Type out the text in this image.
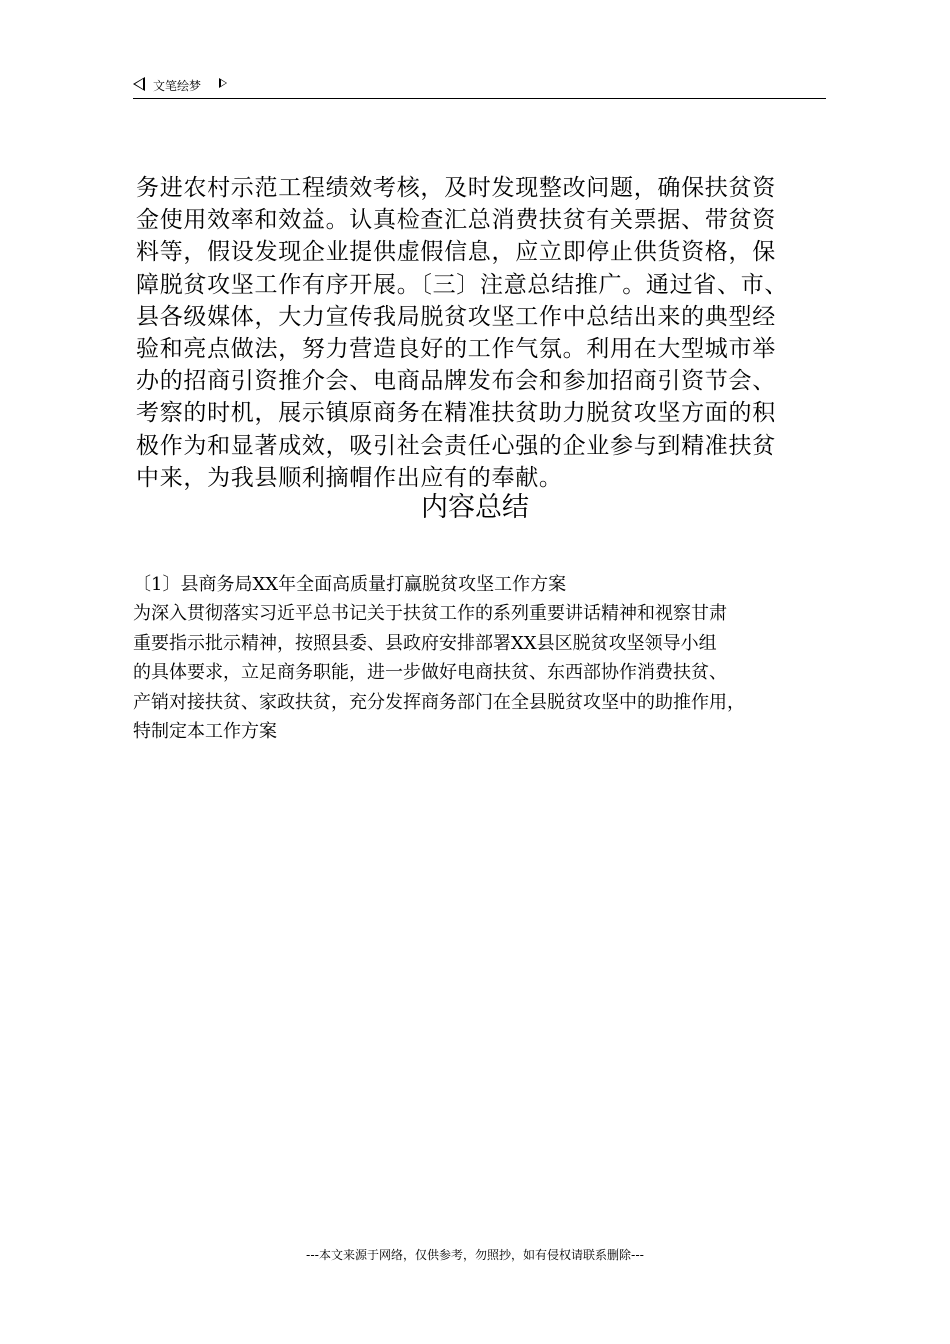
文笔绘梦
务进农村示范工程绩效考核，及时发现整改问题，确保扶贫资
金使用效率和效益。认真检查汇总消费扶贫有关票据、带贫资
料等，假设发现企业提供虚假信息，应立即停止供货资格，保
障脱贫攻坚工作有序开展。〔三〕注意总结推广。通过省、市、
县各级媒体，大力宣传我局脱贫攻坚工作中总结出来的典型经
验和亮点做法，努力营造良好的工作气氛。利用在大型城市举
办的招商引资推介会、电商品牌发布会和参加招商引资节会、
考察的时机，展示镇原商务在精准扶贫助力脱贫攻坚方面的积
极作为和显著成效，吸引社会责任心强的企业参与到精准扶贫
中来，为我县顺利摘帽作出应有的奉献。
内容总结
〔1〕县商务局XX年全面高质量打赢脱贫攻坚工作方案
为深入贯彻落实习近平总书记关于扶贫工作的系列重要讲话精神和视察甘肃
重要指示批示精神，按照县委、县政府安排部署XX县区脱贫攻坚领导小组
的具体要求，立足商务职能，进一步做好电商扶贫、东西部协作消费扶贫、
产销对接扶贫、家政扶贫，充分发挥商务部门在全县脱贫攻坚中的助推作用，
特制定本工作方案
---本文来源于网络，仅供参考，勿照抄，如有侵权请联系删除---
